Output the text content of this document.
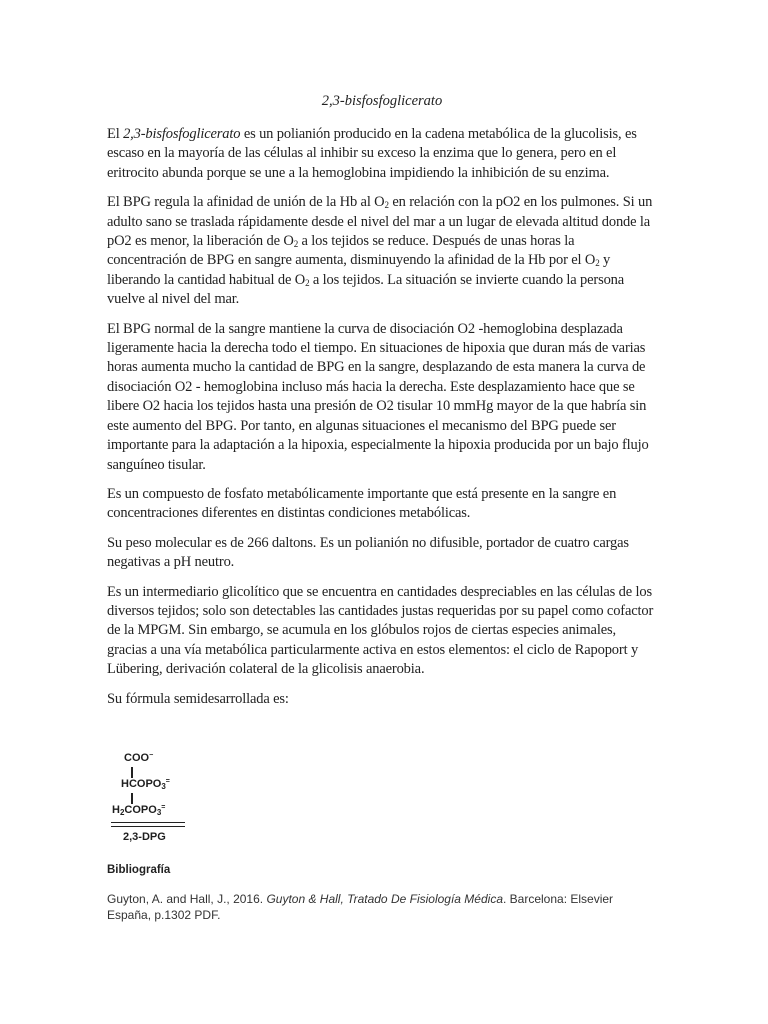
2,3-bisfosfoglicerato

El 2,3-bisfosfoglicerato es un polianión producido en la cadena metabólica de la glucolisis, es escaso en la mayoría de las células al inhibir su exceso la enzima que lo genera, pero en el eritrocito abunda porque se une a la hemoglobina impidiendo la inhibición de su enzima.

El BPG regula la afinidad de unión de la Hb al $O_2$ en relación con la pO2 en los pulmones. Si un adulto sano se traslada rápidamente desde el nivel del mar a un lugar de elevada altitud donde la pO2 es menor, la liberación de $O_2$ a los tejidos se reduce. Después de unas horas la concentración de BPG en sangre aumenta, disminuyendo la afinidad de la Hb por el $O_2$ y liberando la cantidad habitual de $O_2$ a los tejidos. La situación se invierte cuando la persona vuelve al nivel del mar.

El BPG normal de la sangre mantiene la curva de disociación O2 -hemoglobina desplazada ligeramente hacia la derecha todo el tiempo. En situaciones de hipoxia que duran más de varias horas aumenta mucho la cantidad de BPG en la sangre, desplazando de esta manera la curva de disociación O2 - hemoglobina incluso más hacia la derecha. Este desplazamiento hace que se libere O2 hacia los tejidos hasta una presión de O2 tisular 10 mmHg mayor de la que habría sin este aumento del BPG. Por tanto, en algunas situaciones el mecanismo del BPG puede ser importante para la adaptación a la hipoxia, especialmente la hipoxia producida por un bajo flujo sanguíneo tisular.

Es un compuesto de fosfato metabólicamente importante que está presente en la sangre en concentraciones diferentes en distintas condiciones metabólicas.

Su peso molecular es de 266 daltons. Es un polianión no difusible, portador de cuatro cargas negativas a pH neutro.

Es un intermediario glicolítico que se encuentra en cantidades despreciables en las células de los diversos tejidos; solo son detectables las cantidades justas requeridas por su papel como cofactor de la MPGM. Sin embargo, se acumula en los glóbulos rojos de ciertas especies animales, gracias a una vía metabólica particularmente activa en estos elementos: el ciclo de Rapoport y Lübering, derivación colateral de la glicolisis anaerobia.

Su fórmula semidesarrollada es:

COO−
$HCOPO_3^=$
$H_2COPO_3^=$
2,3-DPG
Bibliografía
Guyton, A. and Hall, J., 2016. Guyton & Hall, Tratado De Fisiología Médica. Barcelona: Elsevier España, p.1302 PDF.
